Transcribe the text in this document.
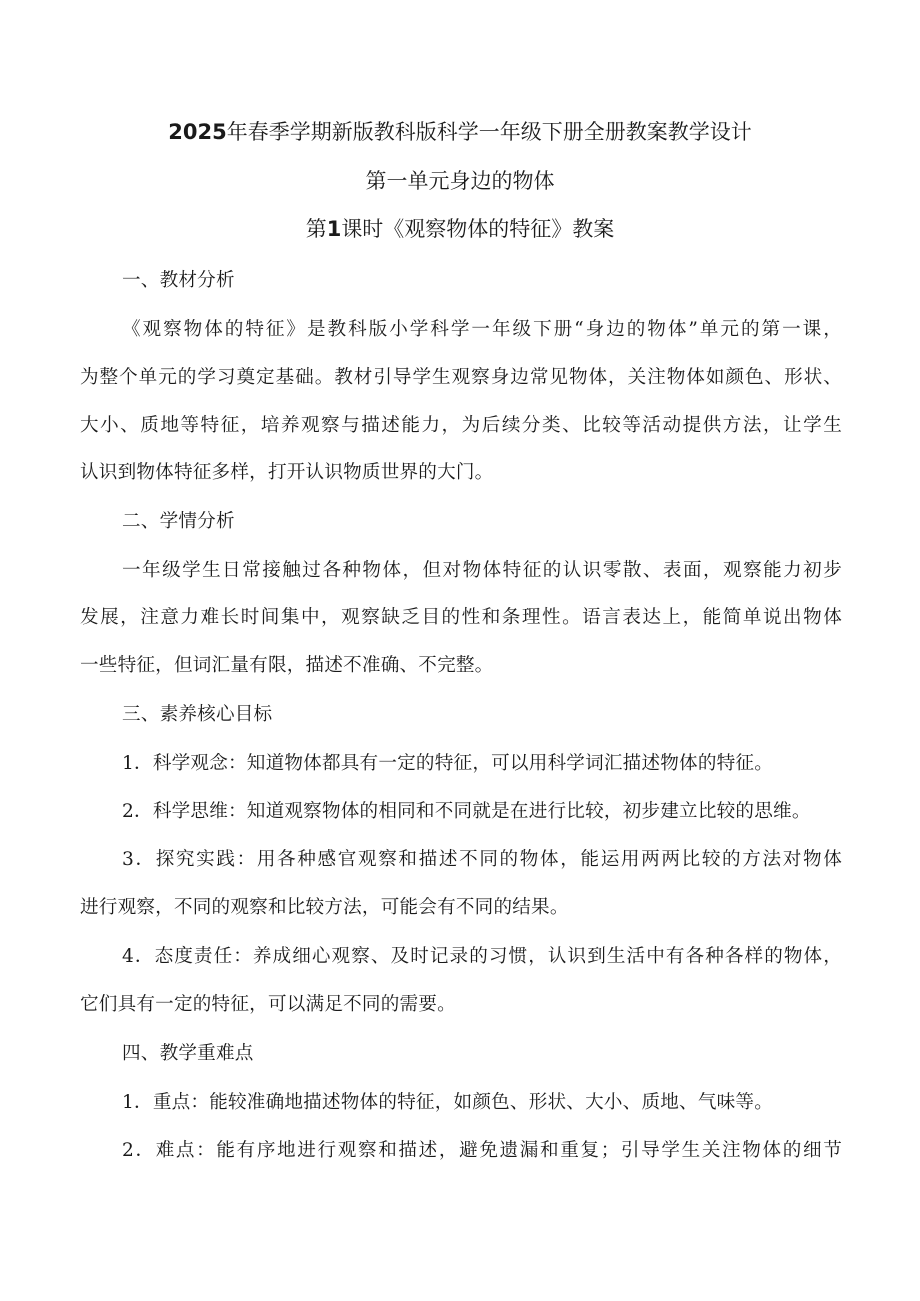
2025年春季学期新版教科版科学一年级下册全册教案教学设计
第一单元身边的物体
第1课时《观察物体的特征》教案
一、教材分析
《观察物体的特征》是教科版小学科学一年级下册“身边的物体”单元的第一课，
为整个单元的学习奠定基础。教材引导学生观察身边常见物体，关注物体如颜色、形状、
大小、质地等特征，培养观察与描述能力，为后续分类、比较等活动提供方法，让学生
认识到物体特征多样，打开认识物质世界的大门。
二、学情分析
一年级学生日常接触过各种物体，但对物体特征的认识零散、表面，观察能力初步
发展，注意力难长时间集中，观察缺乏目的性和条理性。语言表达上，能简单说出物体
一些特征，但词汇量有限，描述不准确、不完整。
三、素养核心目标
1．科学观念：知道物体都具有一定的特征，可以用科学词汇描述物体的特征。
2．科学思维：知道观察物体的相同和不同就是在进行比较，初步建立比较的思维。
3．探究实践：用各种感官观察和描述不同的物体，能运用两两比较的方法对物体
进行观察，不同的观察和比较方法，可能会有不同的结果。
4．态度责任：养成细心观察、及时记录的习惯，认识到生活中有各种各样的物体，
它们具有一定的特征，可以满足不同的需要。
四、教学重难点
1．重点：能较准确地描述物体的特征，如颜色、形状、大小、质地、气味等。
2．难点：能有序地进行观察和描述，避免遗漏和重复；引导学生关注物体的细节
